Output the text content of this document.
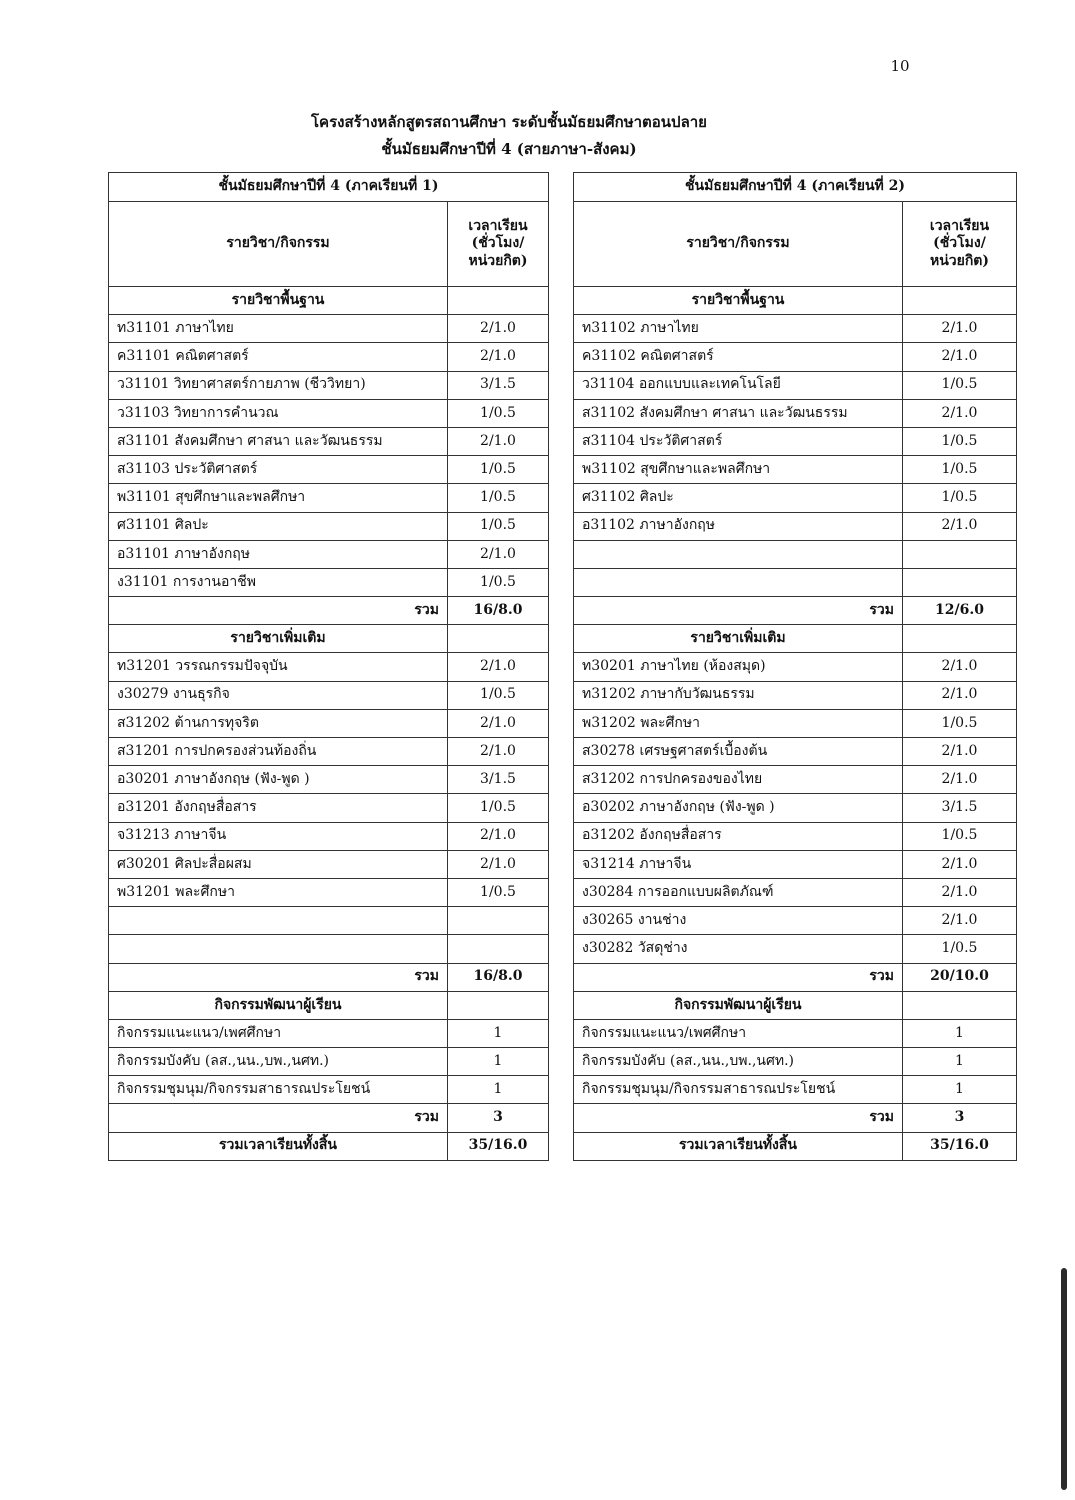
10
โครงสร้างหลักสูตรสถานศึกษา ระดับชั้นมัธยมศึกษาตอนปลาย
ชั้นมัธยมศึกษาปีที่ 4 (สายภาษา-สังคม)
ชั้นมัธยมศึกษาปีที่ 4 (ภาคเรียนที่ 1)	
รายวิชา/กิจกรรม	เวลาเรียน
(ชั่วโมง/
หน่วยกิต)

รายวิชาพื้นฐาน	
ท31101 ภาษาไทย	2/1.0
ค31101 คณิตศาสตร์	2/1.0
ว31101 วิทยาศาสตร์กายภาพ (ชีววิทยา)	3/1.5
ว31103 วิทยาการคำนวณ	1/0.5
ส31101 สังคมศึกษา ศาสนา และวัฒนธรรม	2/1.0
ส31103 ประวัติศาสตร์	1/0.5
พ31101 สุขศึกษาและพลศึกษา	1/0.5
ศ31101 ศิลปะ	1/0.5
อ31101 ภาษาอังกฤษ	2/1.0
ง31101 การงานอาชีพ	1/0.5
รวม	16/8.0
รายวิชาเพิ่มเติม	
ท31201 วรรณกรรมปัจจุบัน	2/1.0
ง30279 งานธุรกิจ	1/0.5
ส31202 ต้านการทุจริต	2/1.0
ส31201 การปกครองส่วนท้องถิ่น	2/1.0
อ30201 ภาษาอังกฤษ (ฟัง-พูด )	3/1.5
อ31201 อังกฤษสื่อสาร	1/0.5
จ31213 ภาษาจีน	2/1.0
ศ30201 ศิลปะสื่อผสม	2/1.0
พ31201 พละศึกษา	1/0.5

รวม	16/8.0
กิจกรรมพัฒนาผู้เรียน	
กิจกรรมแนะแนว/เพศศึกษา	1
กิจกรรมบังคับ (ลส.,นน.,บพ.,นศท.)	1
กิจกรรมชุมนุม/กิจกรรมสาธารณประโยชน์	1
รวม	3
รวมเวลาเรียนทั้งสิ้น	35/16.0
ชั้นมัธยมศึกษาปีที่ 4 (ภาคเรียนที่ 2)	
รายวิชา/กิจกรรม	เวลาเรียน
(ชั่วโมง/
หน่วยกิต)

รายวิชาพื้นฐาน	
ท31102 ภาษาไทย	2/1.0
ค31102 คณิตศาสตร์	2/1.0
ว31104 ออกแบบและเทคโนโลยี	1/0.5
ส31102 สังคมศึกษา ศาสนา และวัฒนธรรม	2/1.0
ส31104 ประวัติศาสตร์	1/0.5
พ31102 สุขศึกษาและพลศึกษา	1/0.5
ศ31102 ศิลปะ	1/0.5
อ31102 ภาษาอังกฤษ	2/1.0

รวม	12/6.0
รายวิชาเพิ่มเติม	
ท30201 ภาษาไทย (ห้องสมุด)	2/1.0
ท31202 ภาษากับวัฒนธรรม	2/1.0
พ31202 พละศึกษา	1/0.5
ส30278 เศรษฐศาสตร์เบื้องต้น	2/1.0
ส31202 การปกครองของไทย	2/1.0
อ30202 ภาษาอังกฤษ (ฟัง-พูด )	3/1.5
อ31202 อังกฤษสื่อสาร	1/0.5
จ31214 ภาษาจีน	2/1.0
ง30284 การออกแบบผลิตภัณฑ์	2/1.0
ง30265 งานช่าง	2/1.0
ง30282 วัสดุช่าง	1/0.5
รวม	20/10.0
กิจกรรมพัฒนาผู้เรียน	
กิจกรรมแนะแนว/เพศศึกษา	1
กิจกรรมบังคับ (ลส.,นน.,บพ.,นศท.)	1
กิจกรรมชุมนุม/กิจกรรมสาธารณประโยชน์	1
รวม	3
รวมเวลาเรียนทั้งสิ้น	35/16.0
